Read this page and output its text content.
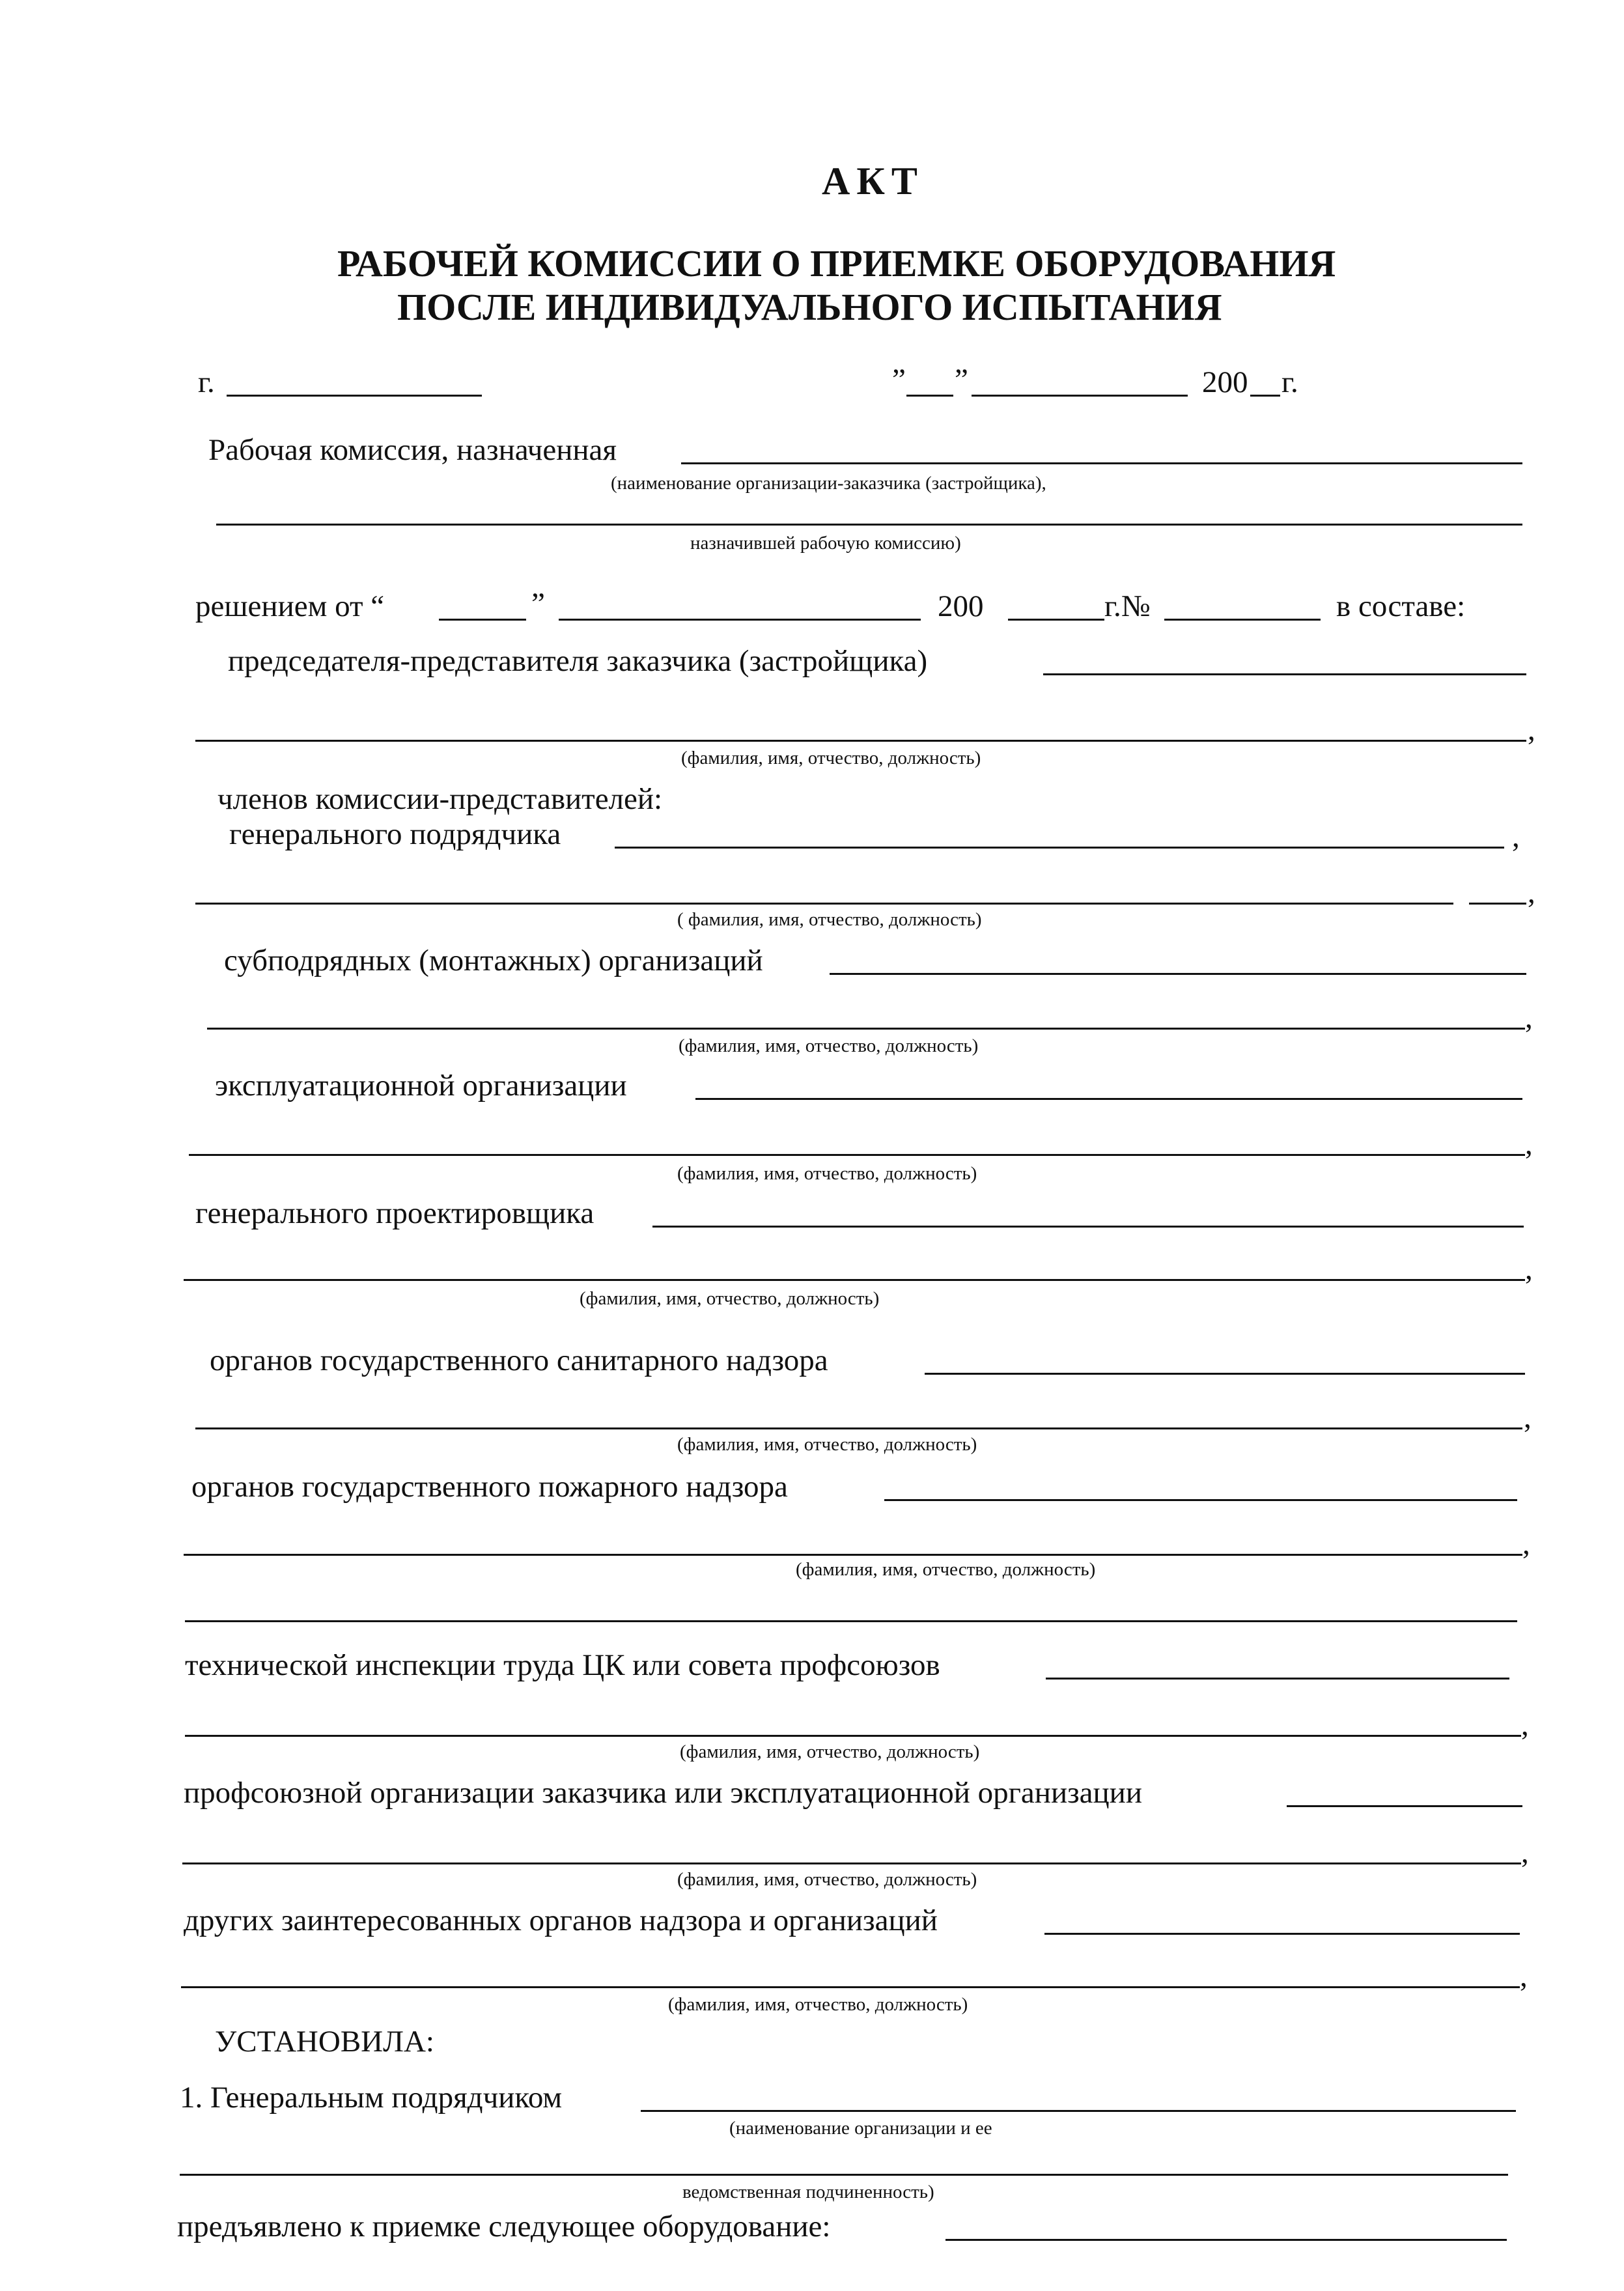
АКТ
РАБОЧЕЙ КОМИССИИ О ПРИЕМКЕ ОБОРУДОВАНИЯ
ПОСЛЕ ИНДИВИДУАЛЬНОГО ИСПЫТАНИЯ
г.	” ”	200 г.
Рабочая комиссия, назначенная
(наименование организации-заказчика (застройщика),
назначившей рабочую комиссию)
решением от “	”	200	г.№	в составе:
председателя-представителя заказчика (застройщика)
,
(фамилия, имя, отчество, должность)
членов комиссии-представителей:
генерального подрядчика	,
,
( фамилия, имя, отчество, должность)
субподрядных (монтажных) организаций
,
(фамилия, имя, отчество, должность)
эксплуатационной организации
,
(фамилия, имя, отчество, должность)
генерального проектировщика
,
(фамилия, имя, отчество, должность)
органов государственного санитарного надзора
,
(фамилия, имя, отчество, должность)
органов государственного пожарного надзора
,
(фамилия, имя, отчество, должность)
технической инспекции труда ЦК или совета профсоюзов
,
(фамилия, имя, отчество, должность)
профсоюзной организации заказчика или эксплуатационной организации
,
(фамилия, имя, отчество, должность)
других заинтересованных органов надзора и организаций
,
(фамилия, имя, отчество, должность)
УСТАНОВИЛА:
1. Генеральным подрядчиком
(наименование организации и ее
ведомственная подчиненность)
предъявлено к приемке следующее оборудование:
